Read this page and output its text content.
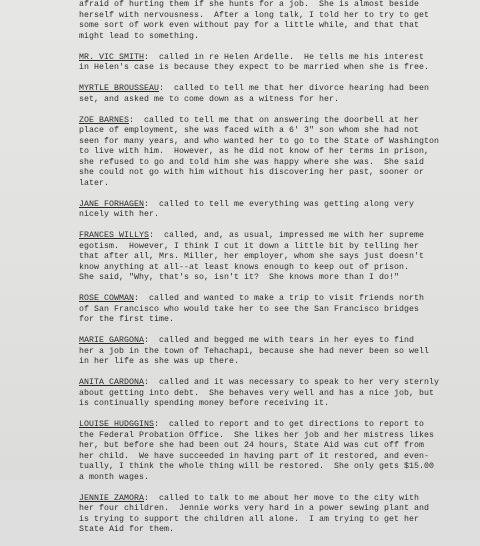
afraid of hurting them if she hunts for a job.  She is almost beside
herself with nervousness.  After a long talk, I told her to try to get
some sort of work even without pay for a little while, and that that
might lead to something.
MR. VIC SMITH:  called in re Helen Ardelle.  He tells me his interest
in Helen's case is because they expect to be married when she is free.
MYRTLE BROUSSEAU:  called to tell me that her divorce hearing had been
set, and asked me to come down as a witness for her.
ZOE BARNES:  called to tell me that on answering the doorbell at her
place of employment, she was faced with a 6' 3" son whom she had not
seen for many years, and who wanted her to go to the State of Washington
to live with him.  However, as he did not know of her terms in prison,
she refused to go and told him she was happy where she was.  She said
she could not go with him without his discovering her past, sooner or
later.
JANE FORHAGEN:  called to tell me everything was getting along very
nicely with her.
FRANCES WILLYS:  called, and, as usual, impressed me with her supreme
egotism.  However, I think I cut it down a little bit by telling her
that after all, Mrs. Miller, her employer, whom she says just doesn't
know anything at all--at least knows enough to keep out of prison.
She said, "Why, that's so, isn't it?  She knows more than I do!"
ROSE COWMAN:  called and wanted to make a trip to visit friends north
of San Francisco who would take her to see the San Francisco bridges
for the first time.
MARIE GARGONA:  called and begged me with tears in her eyes to find
her a job in the town of Tehachapi, because she had never been so well
in her life as she was up there.
ANITA CARDONA:  called and it was necessary to speak to her very sternly
about getting into debt.  She behaves very well and has a nice job, but
is continually spending money before receiving it.
LOUISE HUDGGINS:  called to report and to get directions to report to
the Federal Probation Office.  She likes her job and her mistress likes
her, but before she had been out 24 hours, State Aid was cut off from
her child.  We have succeeded in having part of it restored, and even-
tually, I think the whole thing will be restored.  She only gets $15.00
a month wages.
JENNIE ZAMORA:  called to talk to me about her move to the city with
her four children.  Jennie works very hard in a power sewing plant and
is trying to support the children all alone.  I am trying to get her
State Aid for them.
